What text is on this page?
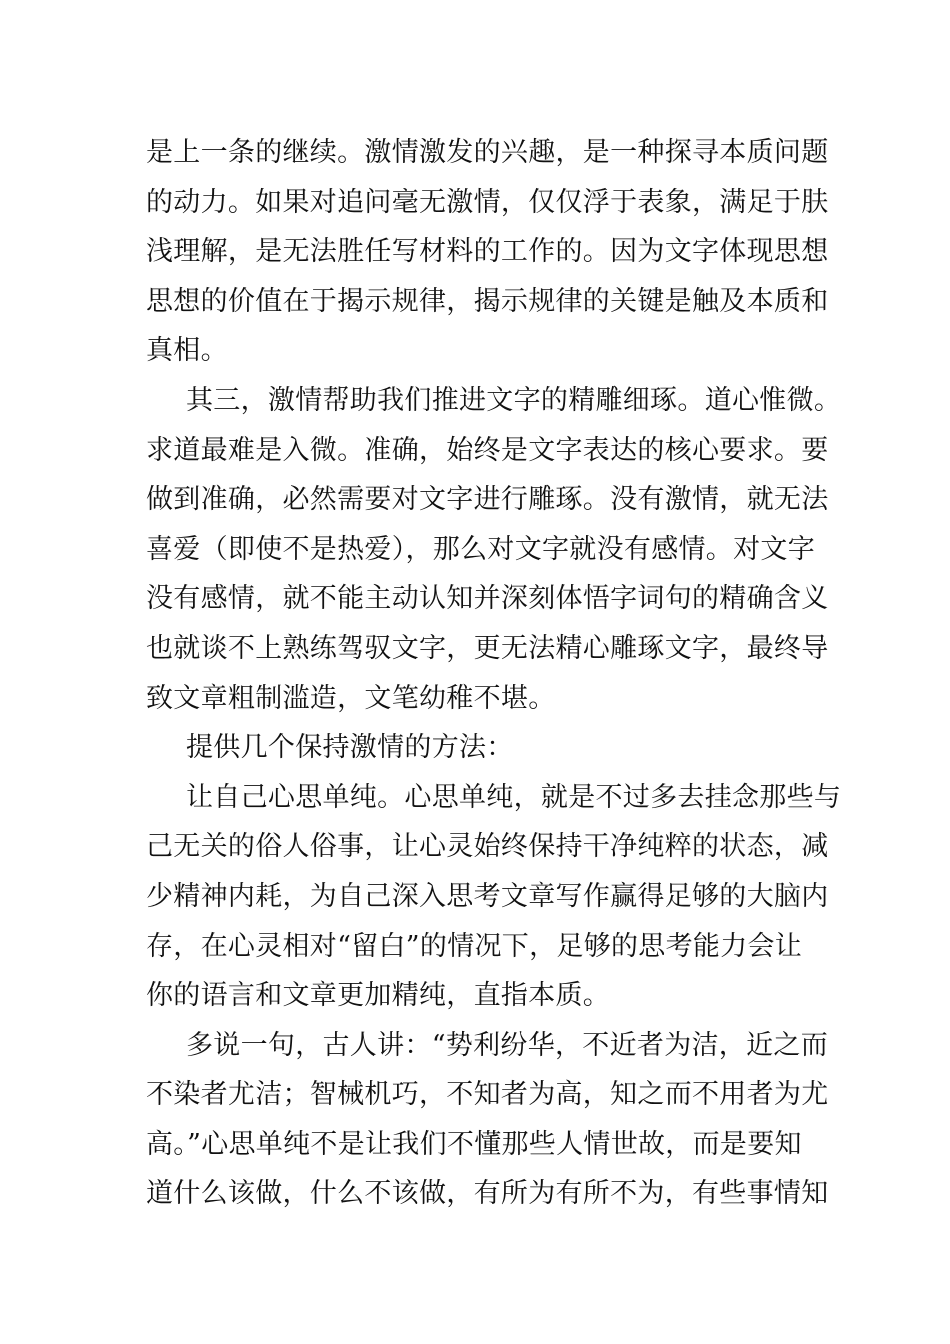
是上一条的继续。激情激发的兴趣，是一种探寻本质问题
的动力。如果对追问毫无激情，仅仅浮于表象，满足于肤
浅理解，是无法胜任写材料的工作的。因为文字体现思想
思想的价值在于揭示规律，揭示规律的关键是触及本质和
真相。
其三，激情帮助我们推进文字的精雕细琢。道心惟微。
求道最难是入微。准确，始终是文字表达的核心要求。要
做到准确，必然需要对文字进行雕琢。没有激情，就无法
喜爱（即使不是热爱），那么对文字就没有感情。对文字
没有感情，就不能主动认知并深刻体悟字词句的精确含义
也就谈不上熟练驾驭文字，更无法精心雕琢文字，最终导
致文章粗制滥造，文笔幼稚不堪。
提供几个保持激情的方法：
让自己心思单纯。心思单纯，就是不过多去挂念那些与
己无关的俗人俗事，让心灵始终保持干净纯粹的状态，减
少精神内耗，为自己深入思考文章写作赢得足够的大脑内
存，在心灵相对“留白”的情况下，足够的思考能力会让
你的语言和文章更加精纯，直指本质。
多说一句，古人讲：“势利纷华，不近者为洁，近之而
不染者尤洁；智械机巧，不知者为高，知之而不用者为尤
高。”心思单纯不是让我们不懂那些人情世故，而是要知
道什么该做，什么不该做，有所为有所不为，有些事情知
